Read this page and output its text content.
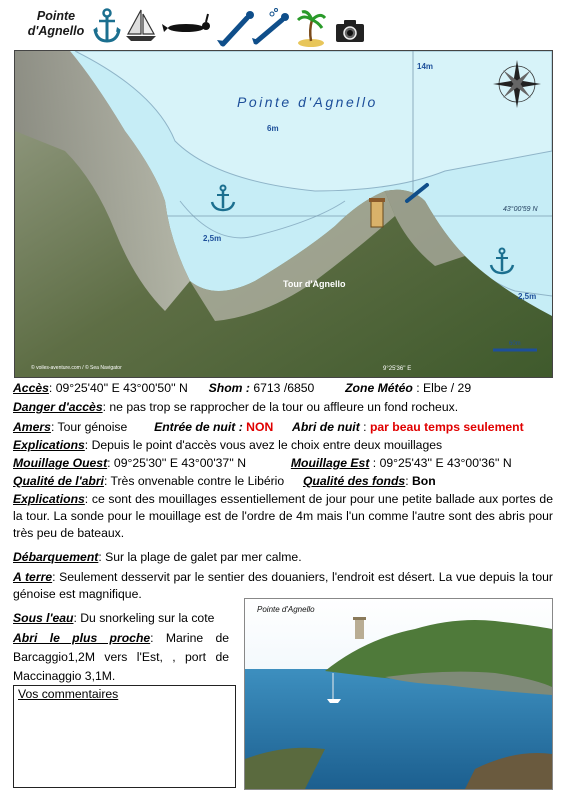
Pointe
d'Agnello
Pointe d'Agnello
14m
6m
2,5m
2,5m
43°00'59 N
9°25'36'' E
Tour d'Agnello
60m
© voiles-aventure.com / © Sea Navigator
Accès: 09°25'40'' E 43°00'50'' N Shom : 6713 /6850	Zone Météo : Elbe / 29
Danger d'accès: ne pas trop se rapprocher de la tour ou affleure un fond rocheux.
Amers: Tour génoise Entrée de nuit : NON Abri de nuit : par beau temps seulement
Explications: Depuis le point d'accès vous avez le choix entre deux mouillages
Mouillage Ouest: 09°25'30'' E 43°00'37'' N	Mouillage Est : 09°25'43'' E 43°00'36'' N
Qualité de l'abri: Très onvenable contre le Libério Qualité des fonds: Bon
Explications: ce sont des mouillages essentiellement de jour pour une petite ballade aux portes de la tour. La sonde pour le mouillage est de l'ordre de 4m mais l'un comme l'autre sont des abris pour très peu de bateaux.
Débarquement: Sur la plage de galet par mer calme.
A terre: Seulement desservit par le sentier des douaniers, l'endroit est désert. La vue depuis la tour génoise est magnifique.
Sous l'eau: Du snorkeling sur la cote
Abri le plus proche: Marine de Barcaggio1,2M vers l'Est, , port de Maccinaggio 3,1M.
Vos commentaires
Pointe d'Agnello
